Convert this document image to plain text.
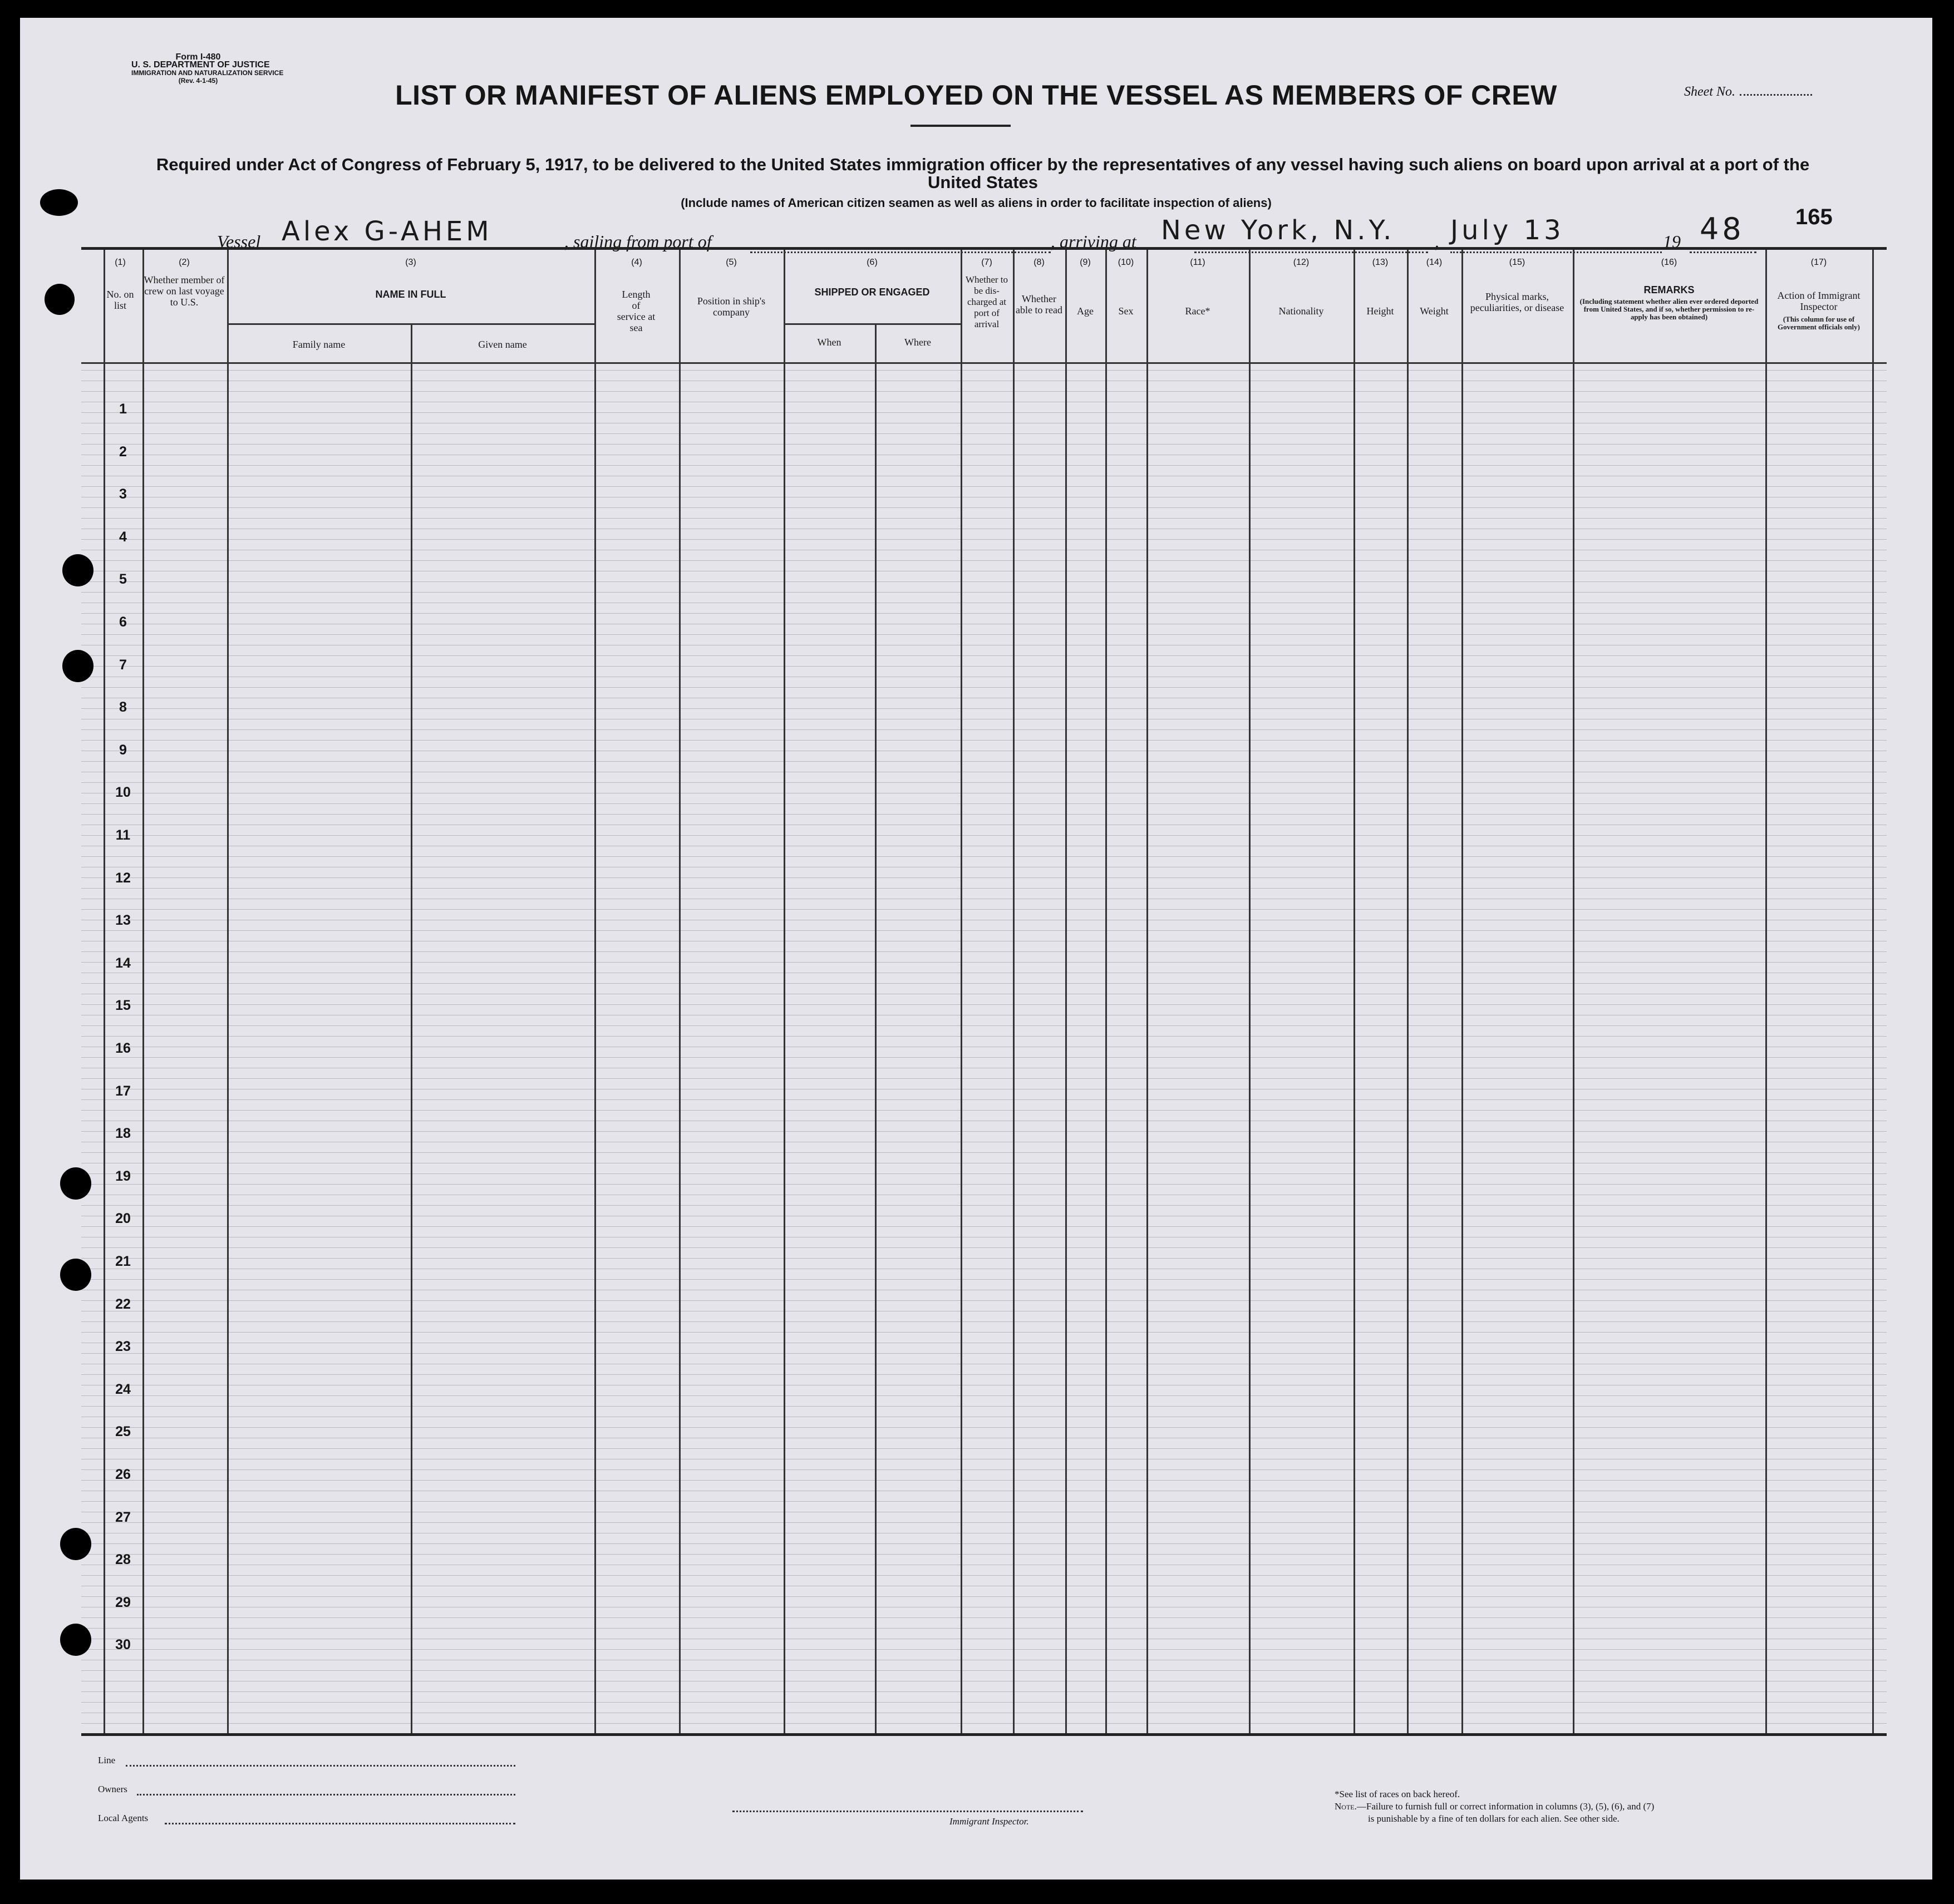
Form I-480
U. S. DEPARTMENT OF JUSTICE
IMMIGRATION AND NATURALIZATION SERVICE
(Rev. 4-1-45)	LIST OR MANIFEST OF ALIENS EMPLOYED ON THE VESSEL AS MEMBERS OF CREW	Sheet No.
Required under Act of Congress of February 5, 1917, to be delivered to the United States immigration officer by the representatives of any vessel having such aliens on board upon arrival at a port of the United States
(Include names of American citizen seamen as well as aliens in order to facilitate inspection of aliens)
165
Vessel Alex G-AHEM	, sailing from port of	, arriving at New York, N.Y. , July 13	19 48
(1)
No. on list
(2)
Whether member of crew on last voyage to U.S.
(3)
NAME IN FULL
Family name	Given name
(4)
Length of service at sea
(5)
Position in ship's company
(6)
SHIPPED OR ENGAGED
When	Where
(7)
Whether to be dis-charged at port of arrival
(8)
Whether able to read
(9)
Age
(10)
Sex
(11)
Race*
(12)
Nationality
(13)
Height
(14)
Weight
(15)
Physical marks, peculiarities, or disease
(16)
REMARKS
(Including statement whether alien ever ordered deported from United States, and if so, whether permission to re-apply has been obtained)
(17)
Action of Immigrant Inspector
(This column for use of Government officials only)
1
2
3
4
5
6
7
8
9
10
11
12
13
14
15
16
17
18
19
20
21
22
23
24
25
26
27
28
29
30
Line
Owners
Local Agents	Immigrant Inspector.
*See list of races on back hereof.
Note.—Failure to furnish full or correct information in columns (3), (5), (6), and (7)
is punishable by a fine of ten dollars for each alien. See other side.
